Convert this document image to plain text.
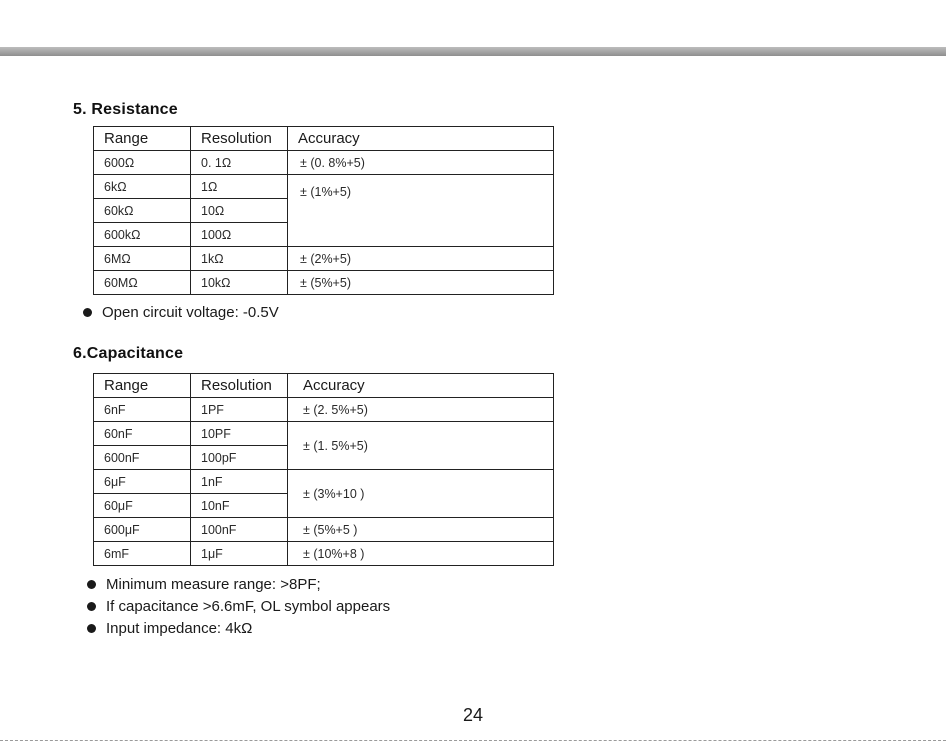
5. Resistance
Range	Resolution	Accuracy
600Ω	0. 1Ω	± (0. 8%+5)
6kΩ	1Ω	± (1%+5)
60kΩ	10Ω	
600kΩ	100Ω	
6MΩ	1kΩ	± (2%+5)
60MΩ	10kΩ	± (5%+5)
Open circuit voltage: -0.5V
6.Capacitance
Range	Resolution	Accuracy
6nF	1PF	± (2. 5%+5)
60nF	10PF	± (1. 5%+5)
600nF	100pF	
6μF	1nF	± (3%+10 )
60μF	10nF	
600μF	100nF	± (5%+5 )
6mF	1μF	± (10%+8 )
Minimum measure range: >8PF;
If capacitance >6.6mF, OL symbol appears
Input impedance: 4kΩ
24
